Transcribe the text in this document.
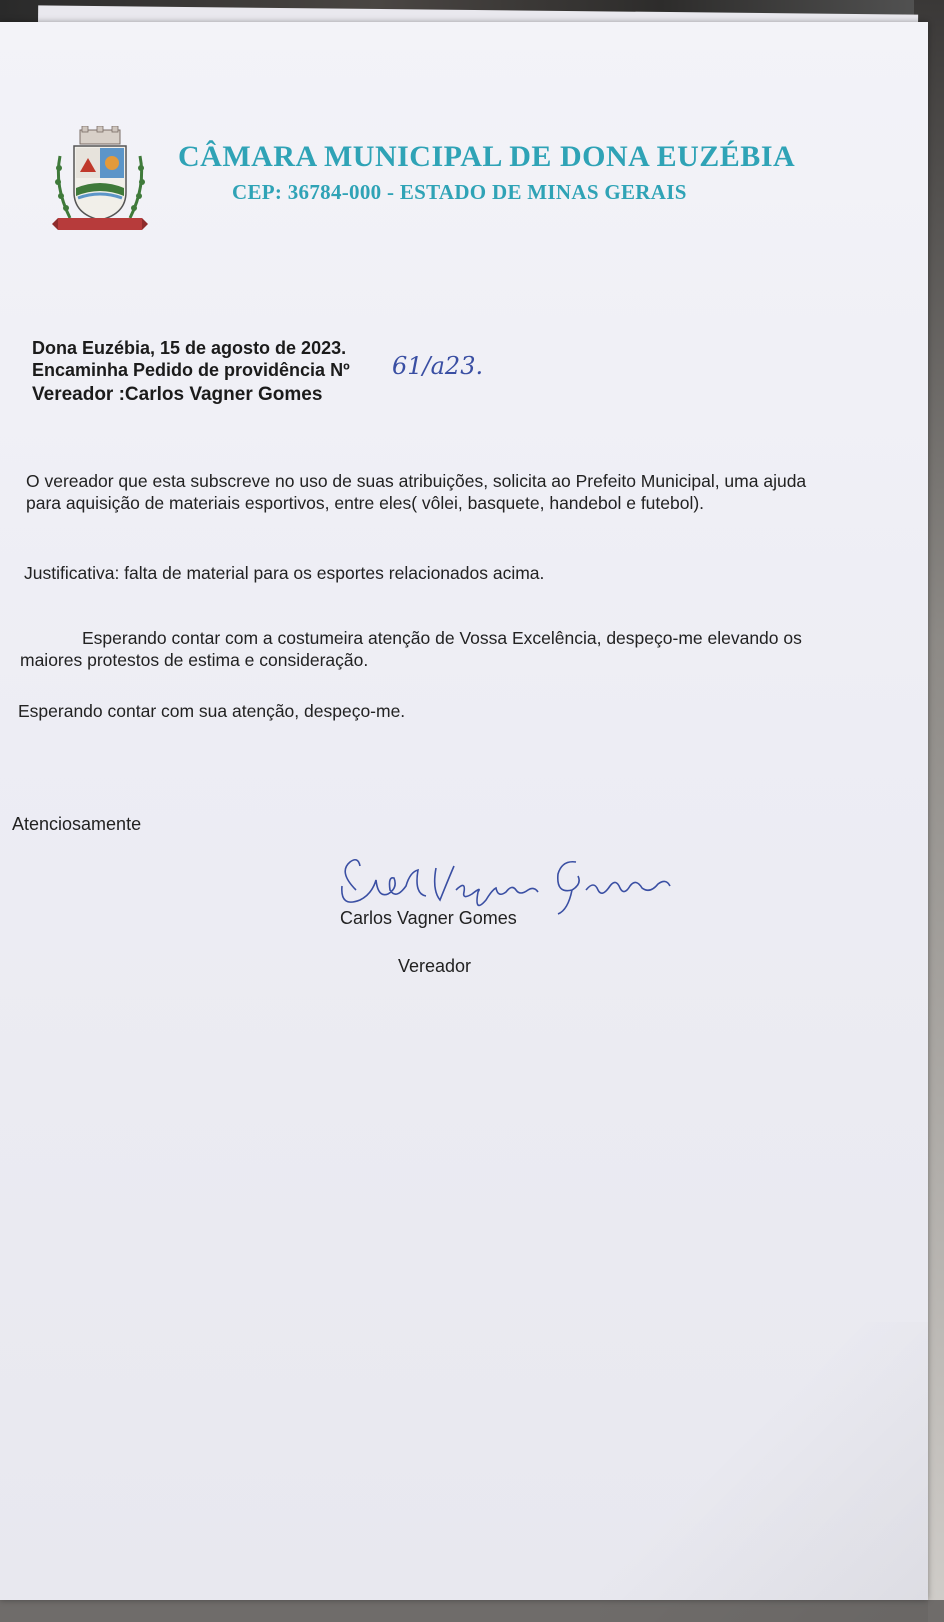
CÂMARA MUNICIPAL DE DONA EUZÉBIA
CEP: 36784-000 - ESTADO DE MINAS GERAIS
Dona Euzébia, 15 de agosto de 2023.
Encaminha Pedido de providência Nº 61/a23.
Vereador :Carlos Vagner Gomes
O vereador que esta subscreve no uso de suas atribuições, solicita ao Prefeito Municipal, uma ajuda para aquisição de materiais esportivos, entre eles( vôlei, basquete, handebol e futebol).
Justificativa: falta de material para os esportes relacionados acima.
Esperando contar com a costumeira atenção de Vossa Excelência, despeço-me elevando os maiores protestos de estima e consideração.
Esperando contar com sua atenção, despeço-me.
Atenciosamente
Carlos Vagner Gomes
Vereador
